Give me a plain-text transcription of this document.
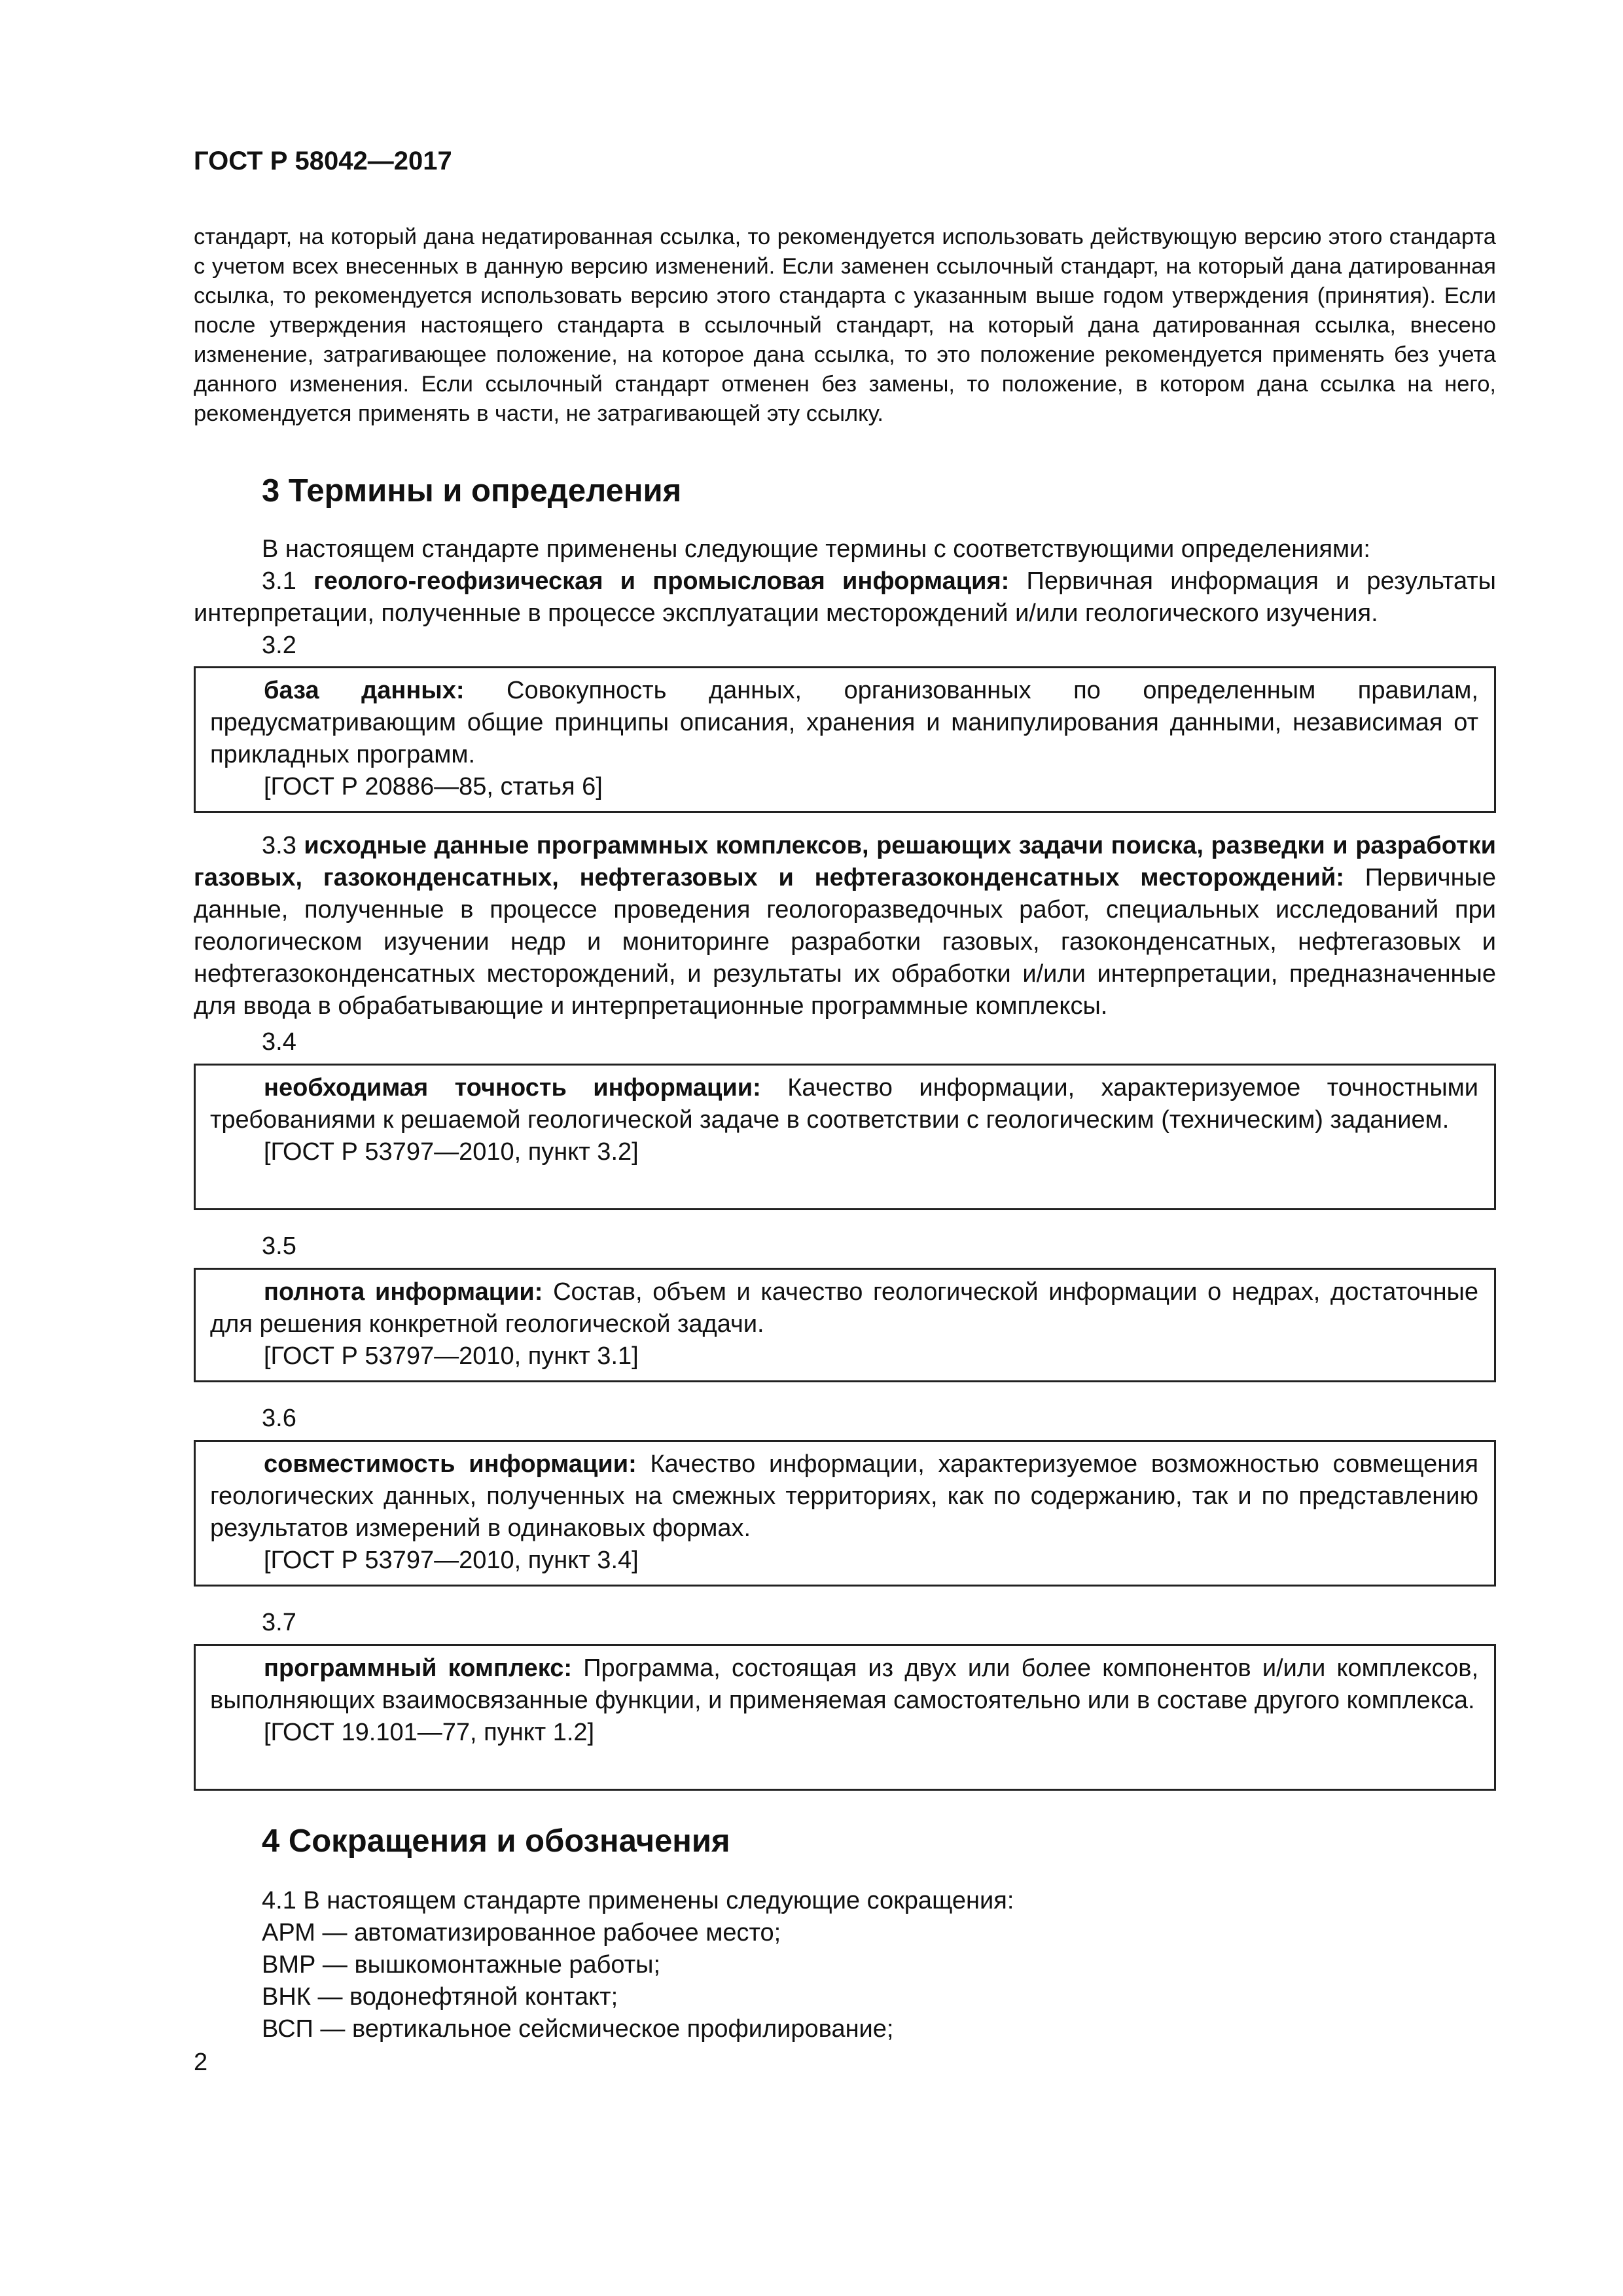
ГОСТ Р 58042—2017
стандарт, на который дана недатированная ссылка, то рекомендуется использовать действующую версию этого стандарта с учетом всех внесенных в данную версию изменений. Если заменен ссылочный стандарт, на который дана датированная ссылка, то рекомендуется использовать версию этого стандарта с указанным выше годом утверждения (принятия). Если после утверждения настоящего стандарта в ссылочный стандарт, на который дана датированная ссылка, внесено изменение, затрагивающее положение, на которое дана ссылка, то это положение рекомендуется применять без учета данного изменения. Если ссылочный стандарт отменен без замены, то положение, в котором дана ссылка на него, рекомендуется применять в части, не затрагивающей эту ссылку.
3 Термины и определения
В настоящем стандарте применены следующие термины с соответствующими определениями:
3.1 геолого-геофизическая и промысловая информация: Первичная информация и результаты интерпретации, полученные в процессе эксплуатации месторождений и/или геологического изучения.
3.2
база данных: Совокупность данных, организованных по определенным правилам, предусматривающим общие принципы описания, хранения и манипулирования данными, независимая от прикладных программ.
[ГОСТ Р 20886—85, статья 6]
3.3 исходные данные программных комплексов, решающих задачи поиска, разведки и разработки газовых, газоконденсатных, нефтегазовых и нефтегазоконденсатных месторождений: Первичные данные, полученные в процессе проведения геологоразведочных работ, специальных исследований при геологическом изучении недр и мониторинге разработки газовых, газоконденсатных, нефтегазовых и нефтегазоконденсатных месторождений, и результаты их обработки и/или интерпретации, предназначенные для ввода в обрабатывающие и интерпретационные программные комплексы.
3.4
необходимая точность информации: Качество информации, характеризуемое точностными требованиями к решаемой геологической задаче в соответствии с геологическим (техническим) заданием.
[ГОСТ Р 53797—2010, пункт 3.2]
3.5
полнота информации: Состав, объем и качество геологической информации о недрах, достаточные для решения конкретной геологической задачи.
[ГОСТ Р 53797—2010, пункт 3.1]
3.6
совместимость информации: Качество информации, характеризуемое возможностью совмещения геологических данных, полученных на смежных территориях, как по содержанию, так и по представлению результатов измерений в одинаковых формах.
[ГОСТ Р 53797—2010, пункт 3.4]
3.7
программный комплекс: Программа, состоящая из двух или более компонентов и/или комплексов, выполняющих взаимосвязанные функции, и применяемая самостоятельно или в составе другого комплекса.
[ГОСТ 19.101—77, пункт 1.2]
4 Сокращения и обозначения
4.1 В настоящем стандарте применены следующие сокращения:
АРМ — автоматизированное рабочее место;
ВМР — вышкомонтажные работы;
ВНК — водонефтяной контакт;
ВСП — вертикальное сейсмическое профилирование;
2
